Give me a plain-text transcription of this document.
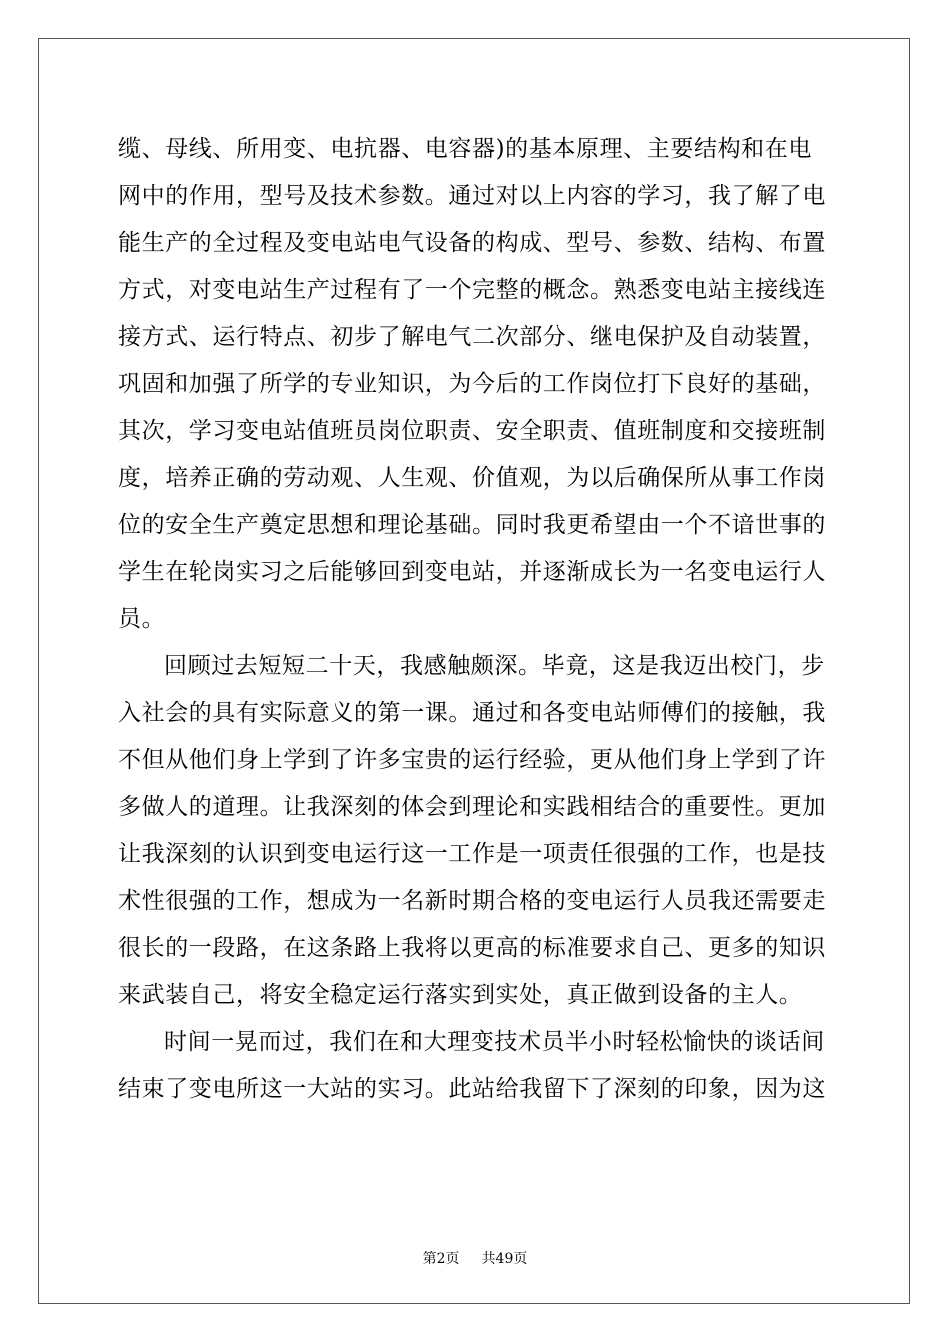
缆、母线、所用变、电抗器、电容器)的基本原理、主要结构和在电
网中的作用，型号及技术参数。通过对以上内容的学习，我了解了电
能生产的全过程及变电站电气设备的构成、型号、参数、结构、布置
方式，对变电站生产过程有了一个完整的概念。熟悉变电站主接线连
接方式、运行特点、初步了解电气二次部分、继电保护及自动装置，
巩固和加强了所学的专业知识，为今后的工作岗位打下良好的基础，
其次，学习变电站值班员岗位职责、安全职责、值班制度和交接班制
度，培养正确的劳动观、人生观、价值观，为以后确保所从事工作岗
位的安全生产奠定思想和理论基础。同时我更希望由一个不谙世事的
学生在轮岗实习之后能够回到变电站，并逐渐成长为一名变电运行人
员。
回顾过去短短二十天，我感触颇深。毕竟，这是我迈出校门，步
入社会的具有实际意义的第一课。通过和各变电站师傅们的接触，我
不但从他们身上学到了许多宝贵的运行经验，更从他们身上学到了许
多做人的道理。让我深刻的体会到理论和实践相结合的重要性。更加
让我深刻的认识到变电运行这一工作是一项责任很强的工作，也是技
术性很强的工作，想成为一名新时期合格的变电运行人员我还需要走
很长的一段路，在这条路上我将以更高的标准要求自己、更多的知识
来武装自己，将安全稳定运行落实到实处，真正做到设备的主人。
时间一晃而过，我们在和大理变技术员半小时轻松愉快的谈话间
结束了变电所这一大站的实习。此站给我留下了深刻的印象，因为这
第2页 共49页
